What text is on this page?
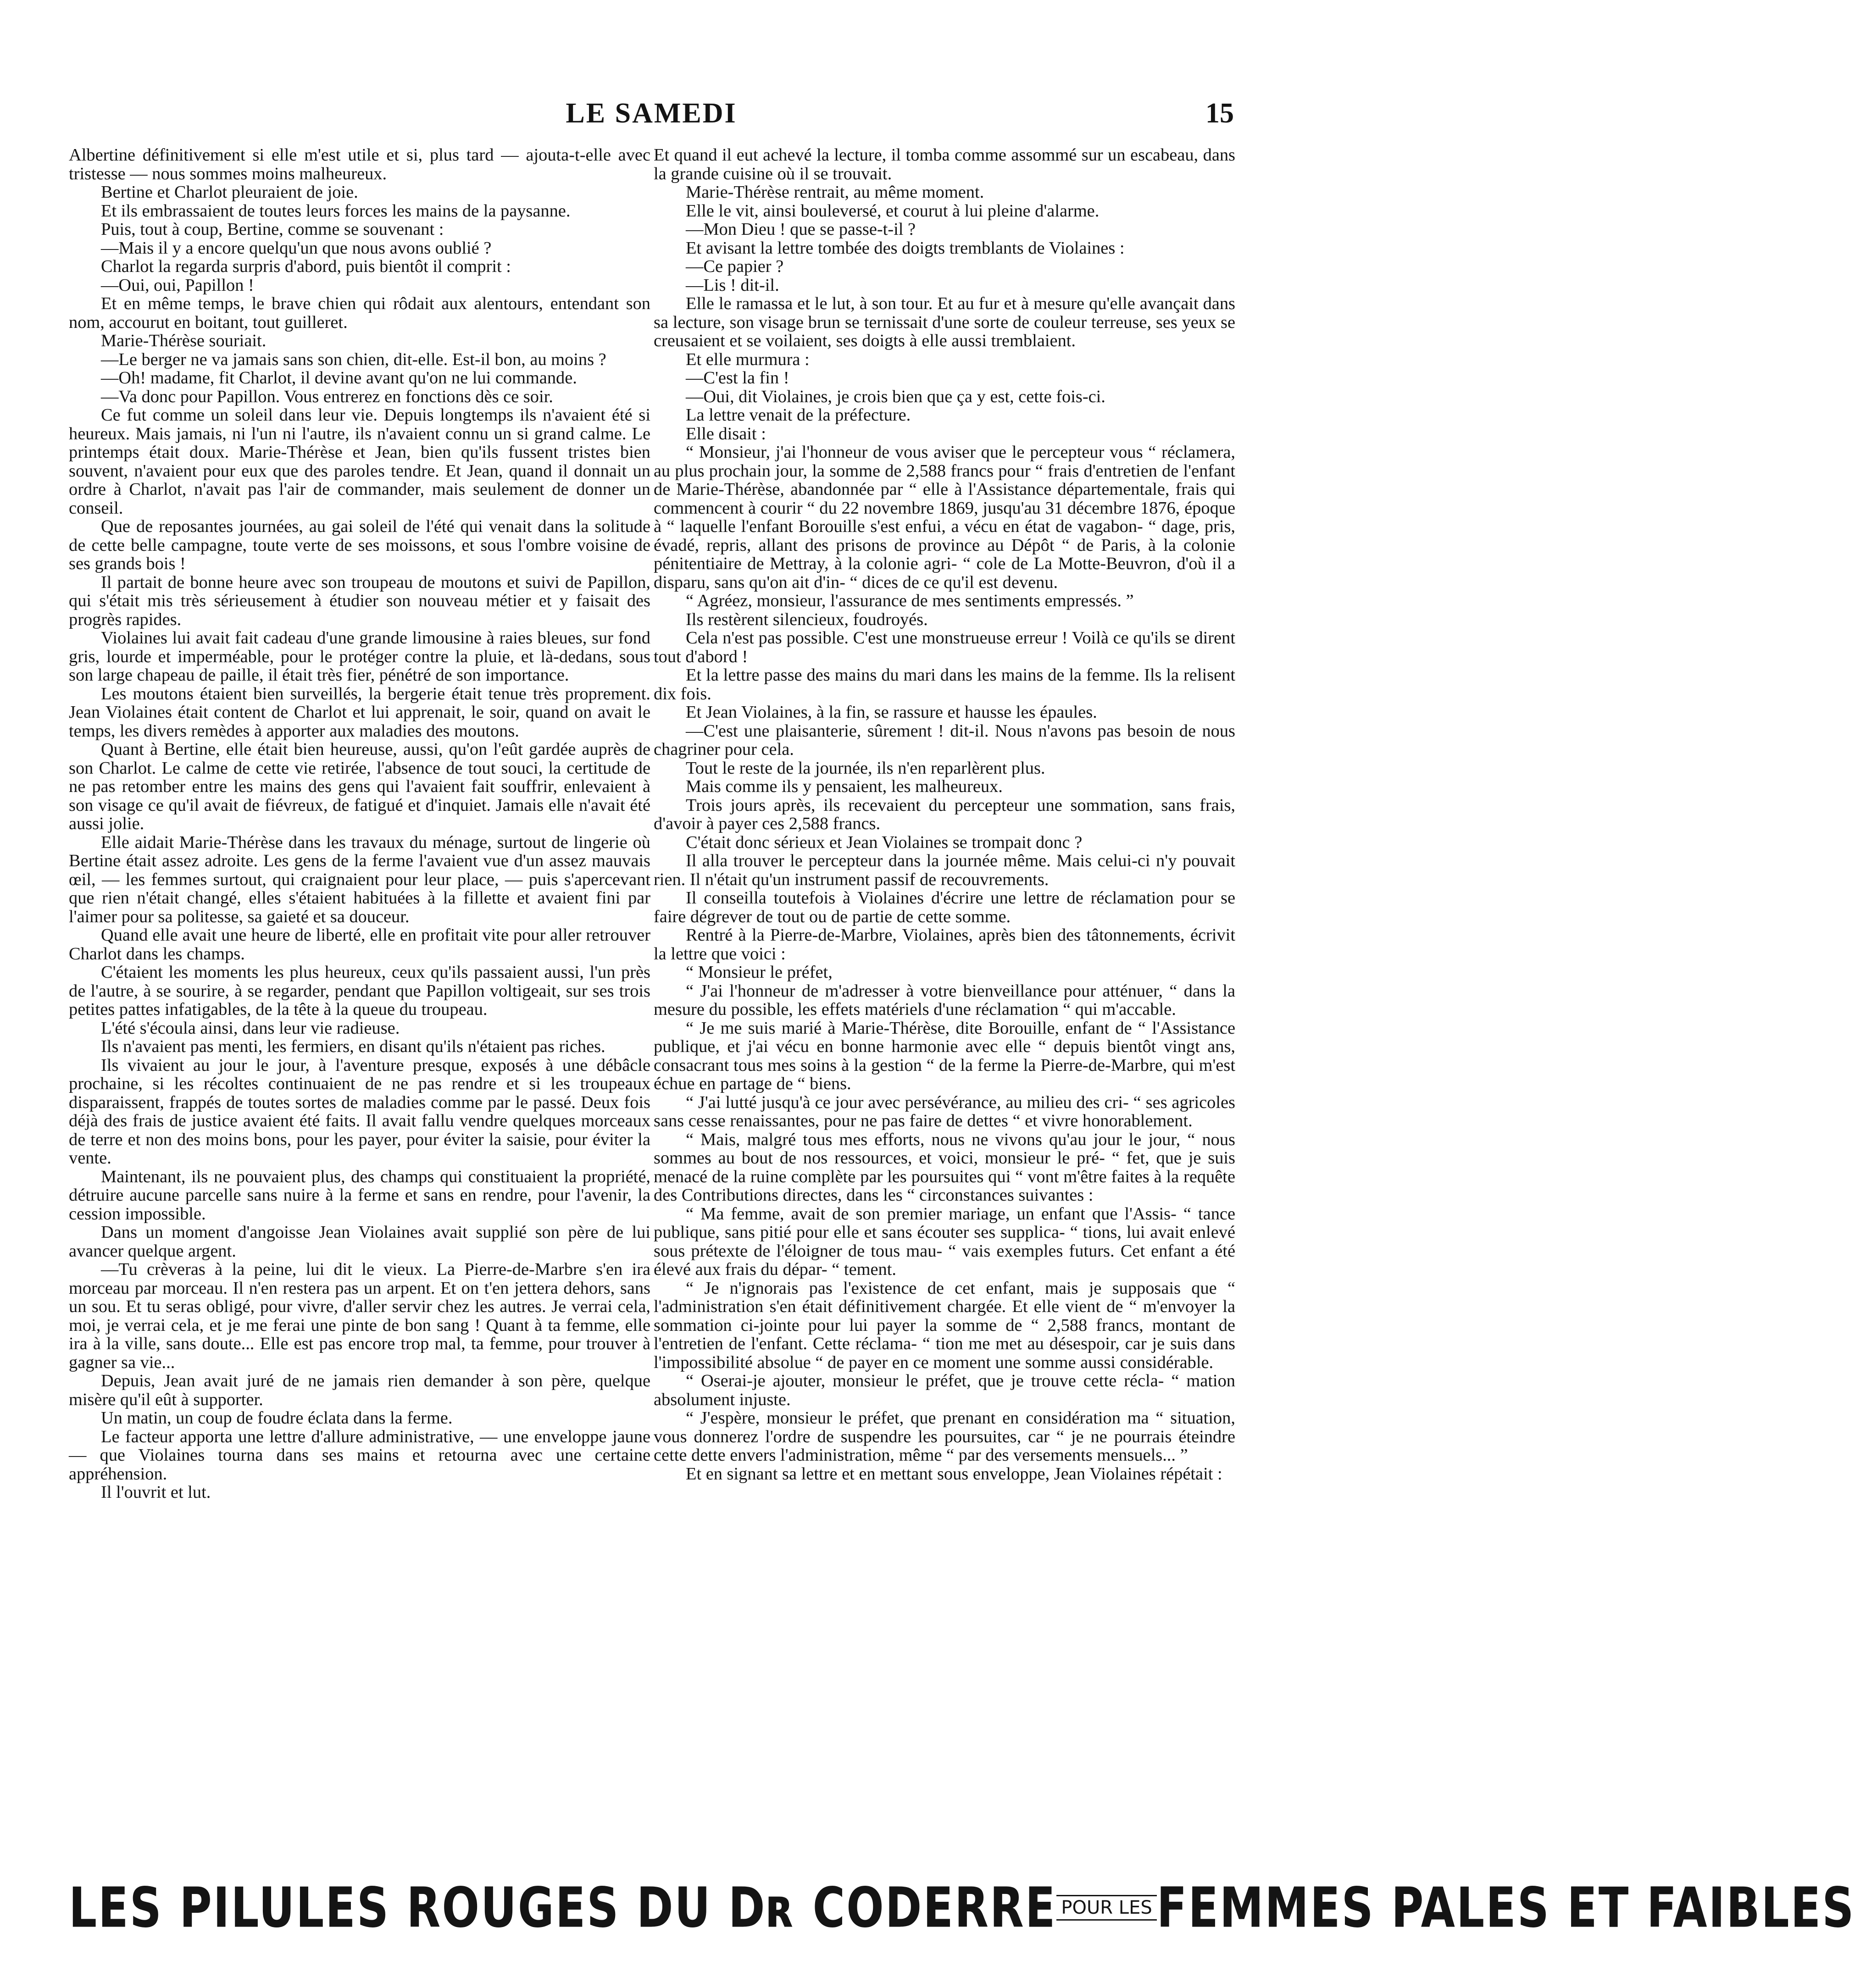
LE SAMEDI	15

Albertine définitivement si elle m'est utile et si, plus tard — ajouta-t-elle avec tristesse — nous sommes moins malheureux.

Bertine et Charlot pleuraient de joie.

Et ils embrassaient de toutes leurs forces les mains de la paysanne.

Puis, tout à coup, Bertine, comme se souvenant :

—Mais il y a encore quelqu'un que nous avons oublié ?

Charlot la regarda surpris d'abord, puis bientôt il comprit :

—Oui, oui, Papillon !

Et en même temps, le brave chien qui rôdait aux alentours, entendant son nom, accourut en boitant, tout guilleret.

Marie-Thérèse souriait.

—Le berger ne va jamais sans son chien, dit-elle. Est-il bon, au moins ?

—Oh! madame, fit Charlot, il devine avant qu'on ne lui commande.

—Va donc pour Papillon. Vous entrerez en fonctions dès ce soir.

Ce fut comme un soleil dans leur vie. Depuis longtemps ils n'avaient été si heureux. Mais jamais, ni l'un ni l'autre, ils n'avaient connu un si grand calme. Le printemps était doux. Marie-Thérèse et Jean, bien qu'ils fussent tristes bien souvent, n'avaient pour eux que des paroles tendre. Et Jean, quand il donnait un ordre à Charlot, n'avait pas l'air de commander, mais seulement de donner un conseil.

Que de reposantes journées, au gai soleil de l'été qui venait dans la solitude de cette belle campagne, toute verte de ses moissons, et sous l'ombre voisine de ses grands bois !

Il partait de bonne heure avec son troupeau de moutons et suivi de Papillon, qui s'était mis très sérieusement à étudier son nouveau métier et y faisait des progrès rapides.

Violaines lui avait fait cadeau d'une grande limousine à raies bleues, sur fond gris, lourde et imperméable, pour le protéger contre la pluie, et là-dedans, sous son large chapeau de paille, il était très fier, pénétré de son importance.

Les moutons étaient bien surveillés, la bergerie était tenue très proprement. Jean Violaines était content de Charlot et lui apprenait, le soir, quand on avait le temps, les divers remèdes à apporter aux maladies des moutons.

Quant à Bertine, elle était bien heureuse, aussi, qu'on l'eût gardée auprès de son Charlot. Le calme de cette vie retirée, l'absence de tout souci, la certitude de ne pas retomber entre les mains des gens qui l'avaient fait souffrir, enlevaient à son visage ce qu'il avait de fiévreux, de fatigué et d'inquiet. Jamais elle n'avait été aussi jolie.

Elle aidait Marie-Thérèse dans les travaux du ménage, surtout de lingerie où Bertine était assez adroite. Les gens de la ferme l'avaient vue d'un assez mauvais œil, — les femmes surtout, qui craignaient pour leur place, — puis s'apercevant que rien n'était changé, elles s'étaient habituées à la fillette et avaient fini par l'aimer pour sa politesse, sa gaieté et sa douceur.

Quand elle avait une heure de liberté, elle en profitait vite pour aller retrouver Charlot dans les champs.

C'étaient les moments les plus heureux, ceux qu'ils passaient aussi, l'un près de l'autre, à se sourire, à se regarder, pendant que Papillon voltigeait, sur ses trois petites pattes infatigables, de la tête à la queue du troupeau.

L'été s'écoula ainsi, dans leur vie radieuse.

Ils n'avaient pas menti, les fermiers, en disant qu'ils n'étaient pas riches.

Ils vivaient au jour le jour, à l'aventure presque, exposés à une débâcle prochaine, si les récoltes continuaient de ne pas rendre et si les troupeaux disparaissent, frappés de toutes sortes de maladies comme par le passé. Deux fois déjà des frais de justice avaient été faits. Il avait fallu vendre quelques morceaux de terre et non des moins bons, pour les payer, pour éviter la saisie, pour éviter la vente.

Maintenant, ils ne pouvaient plus, des champs qui constituaient la propriété, détruire aucune parcelle sans nuire à la ferme et sans en rendre, pour l'avenir, la cession impossible.

Dans un moment d'angoisse Jean Violaines avait supplié son père de lui avancer quelque argent.

—Tu crèveras à la peine, lui dit le vieux. La Pierre-de-Marbre s'en ira morceau par morceau. Il n'en restera pas un arpent. Et on t'en jettera dehors, sans un sou. Et tu seras obligé, pour vivre, d'aller servir chez les autres. Je verrai cela, moi, je verrai cela, et je me ferai une pinte de bon sang ! Quant à ta femme, elle ira à la ville, sans doute... Elle est pas encore trop mal, ta femme, pour trouver à gagner sa vie...

Depuis, Jean avait juré de ne jamais rien demander à son père, quelque misère qu'il eût à supporter.

Un matin, un coup de foudre éclata dans la ferme.

Le facteur apporta une lettre d'allure administrative, — une enveloppe jaune — que Violaines tourna dans ses mains et retourna avec une certaine appréhension.

Il l'ouvrit et lut.

Et quand il eut achevé la lecture, il tomba comme assommé sur un escabeau, dans la grande cuisine où il se trouvait.

Marie-Thérèse rentrait, au même moment.

Elle le vit, ainsi bouleversé, et courut à lui pleine d'alarme.

—Mon Dieu ! que se passe-t-il ?

Et avisant la lettre tombée des doigts tremblants de Violaines :

—Ce papier ?

—Lis ! dit-il.

Elle le ramassa et le lut, à son tour. Et au fur et à mesure qu'elle avançait dans sa lecture, son visage brun se ternissait d'une sorte de couleur terreuse, ses yeux se creusaient et se voilaient, ses doigts à elle aussi tremblaient.

Et elle murmura :

—C'est la fin !

—Oui, dit Violaines, je crois bien que ça y est, cette fois-ci.

La lettre venait de la préfecture.

Elle disait :

“ Monsieur, j'ai l'honneur de vous aviser que le percepteur vous “ réclamera, au plus prochain jour, la somme de 2,588 francs pour “ frais d'entretien de l'enfant de Marie-Thérèse, abandonnée par “ elle à l'Assistance départementale, frais qui commencent à courir “ du 22 novembre 1869, jusqu'au 31 décembre 1876, époque à “ laquelle l'enfant Borouille s'est enfui, a vécu en état de vagabon- “ dage, pris, évadé, repris, allant des prisons de province au Dépôt “ de Paris, à la colonie pénitentiaire de Mettray, à la colonie agri- “ cole de La Motte-Beuvron, d'où il a disparu, sans qu'on ait d'in- “ dices de ce qu'il est devenu.

“ Agréez, monsieur, l'assurance de mes sentiments empressés. ”

Ils restèrent silencieux, foudroyés.

Cela n'est pas possible. C'est une monstrueuse erreur ! Voilà ce qu'ils se dirent tout d'abord !

Et la lettre passe des mains du mari dans les mains de la femme. Ils la relisent dix fois.

Et Jean Violaines, à la fin, se rassure et hausse les épaules.

—C'est une plaisanterie, sûrement ! dit-il. Nous n'avons pas besoin de nous chagriner pour cela.

Tout le reste de la journée, ils n'en reparlèrent plus.

Mais comme ils y pensaient, les malheureux.

Trois jours après, ils recevaient du percepteur une sommation, sans frais, d'avoir à payer ces 2,588 francs.

C'était donc sérieux et Jean Violaines se trompait donc ?

Il alla trouver le percepteur dans la journée même. Mais celui-ci n'y pouvait rien. Il n'était qu'un instrument passif de recouvrements.

Il conseilla toutefois à Violaines d'écrire une lettre de réclamation pour se faire dégrever de tout ou de partie de cette somme.

Rentré à la Pierre-de-Marbre, Violaines, après bien des tâtonnements, écrivit la lettre que voici :

“ Monsieur le préfet,

“ J'ai l'honneur de m'adresser à votre bienveillance pour atténuer, “ dans la mesure du possible, les effets matériels d'une réclamation “ qui m'accable.

“ Je me suis marié à Marie-Thérèse, dite Borouille, enfant de “ l'Assistance publique, et j'ai vécu en bonne harmonie avec elle “ depuis bientôt vingt ans, consacrant tous mes soins à la gestion “ de la ferme la Pierre-de-Marbre, qui m'est échue en partage de “ biens.

“ J'ai lutté jusqu'à ce jour avec persévérance, au milieu des cri- “ ses agricoles sans cesse renaissantes, pour ne pas faire de dettes “ et vivre honorablement.

“ Mais, malgré tous mes efforts, nous ne vivons qu'au jour le jour, “ nous sommes au bout de nos ressources, et voici, monsieur le pré- “ fet, que je suis menacé de la ruine complète par les poursuites qui “ vont m'être faites à la requête des Contributions directes, dans les “ circonstances suivantes :

“ Ma femme, avait de son premier mariage, un enfant que l'Assis- “ tance publique, sans pitié pour elle et sans écouter ses supplica- “ tions, lui avait enlevé sous prétexte de l'éloigner de tous mau- “ vais exemples futurs. Cet enfant a été élevé aux frais du dépar- “ tement.

“ Je n'ignorais pas l'existence de cet enfant, mais je supposais que “ l'administration s'en était définitivement chargée. Et elle vient de “ m'envoyer la sommation ci-jointe pour lui payer la somme de “ 2,588 francs, montant de l'entretien de l'enfant. Cette réclama- “ tion me met au désespoir, car je suis dans l'impossibilité absolue “ de payer en ce moment une somme aussi considérable.

“ Oserai-je ajouter, monsieur le préfet, que je trouve cette récla- “ mation absolument injuste.

“ J'espère, monsieur le préfet, que prenant en considération ma “ situation, vous donnerez l'ordre de suspendre les poursuites, car “ je ne pourrais éteindre cette dette envers l'administration, même “ par des versements mensuels... ”

Et en signant sa lettre et en mettant sous enveloppe, Jean Violaines répétait :

LES PILULES ROUGES DU Dʀ CODERRE POUR LES FEMMES PALES ET FAIBLES
